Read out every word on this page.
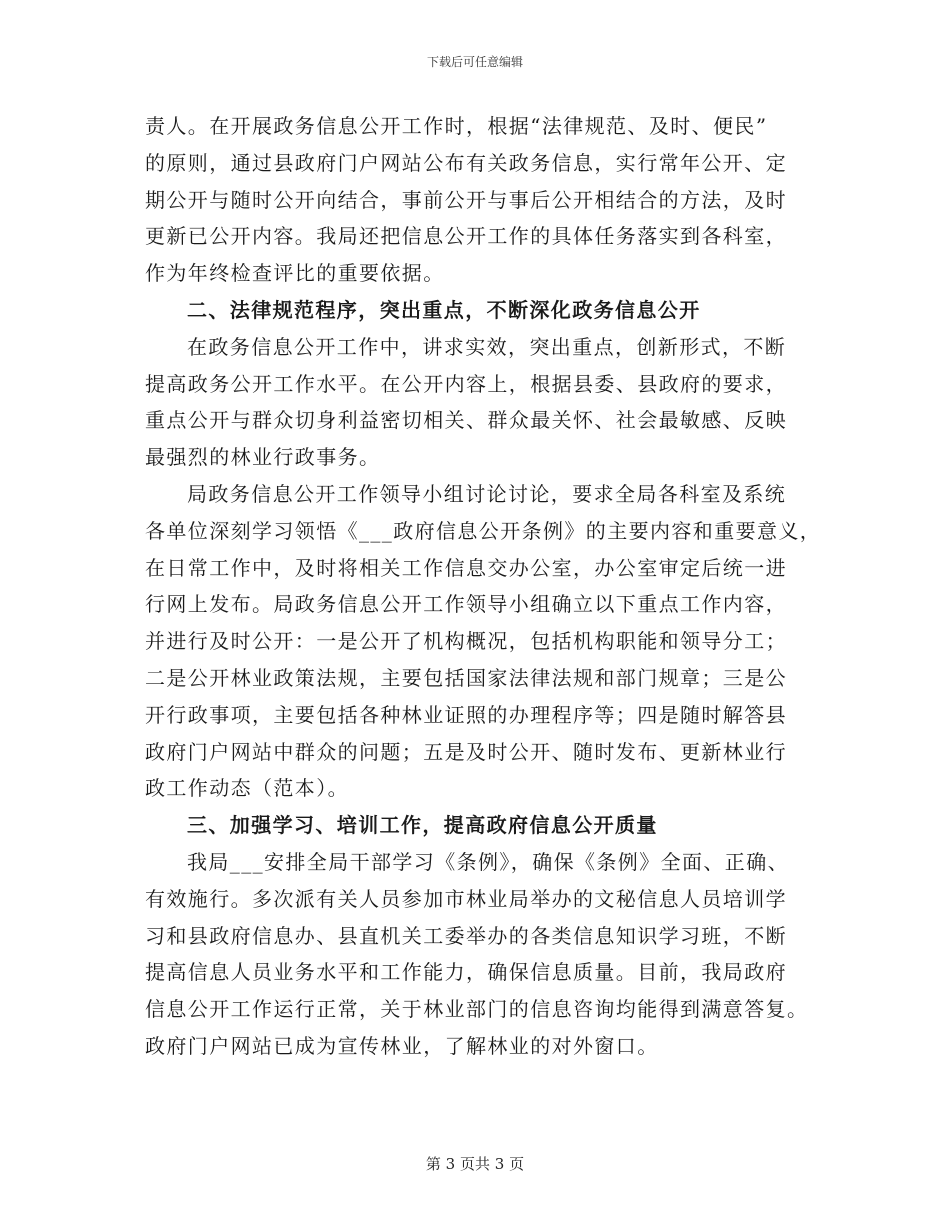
下载后可任意编辑
责人。在开展政务信息公开工作时，根据“法律规范、及时、便民”
的原则，通过县政府门户网站公布有关政务信息，实行常年公开、定
期公开与随时公开向结合，事前公开与事后公开相结合的方法，及时
更新已公开内容。我局还把信息公开工作的具体任务落实到各科室，
作为年终检查评比的重要依据。
二、法律规范程序，突出重点，不断深化政务信息公开
在政务信息公开工作中，讲求实效，突出重点，创新形式，不断
提高政务公开工作水平。在公开内容上，根据县委、县政府的要求，
重点公开与群众切身利益密切相关、群众最关怀、社会最敏感、反映
最强烈的林业行政事务。
局政务信息公开工作领导小组讨论讨论，要求全局各科室及系统
各单位深刻学习领悟《___政府信息公开条例》的主要内容和重要意义，
在日常工作中，及时将相关工作信息交办公室，办公室审定后统一进
行网上发布。局政务信息公开工作领导小组确立以下重点工作内容，
并进行及时公开：一是公开了机构概况，包括机构职能和领导分工；
二是公开林业政策法规，主要包括国家法律法规和部门规章；三是公
开行政事项，主要包括各种林业证照的办理程序等；四是随时解答县
政府门户网站中群众的问题；五是及时公开、随时发布、更新林业行
政工作动态（范本）。
三、加强学习、培训工作，提高政府信息公开质量
我局___安排全局干部学习《条例》，确保《条例》全面、正确、
有效施行。多次派有关人员参加市林业局举办的文秘信息人员培训学
习和县政府信息办、县直机关工委举办的各类信息知识学习班，不断
提高信息人员业务水平和工作能力，确保信息质量。目前，我局政府
信息公开工作运行正常，关于林业部门的信息咨询均能得到满意答复。
政府门户网站已成为宣传林业，了解林业的对外窗口。
第 3 页共 3 页
